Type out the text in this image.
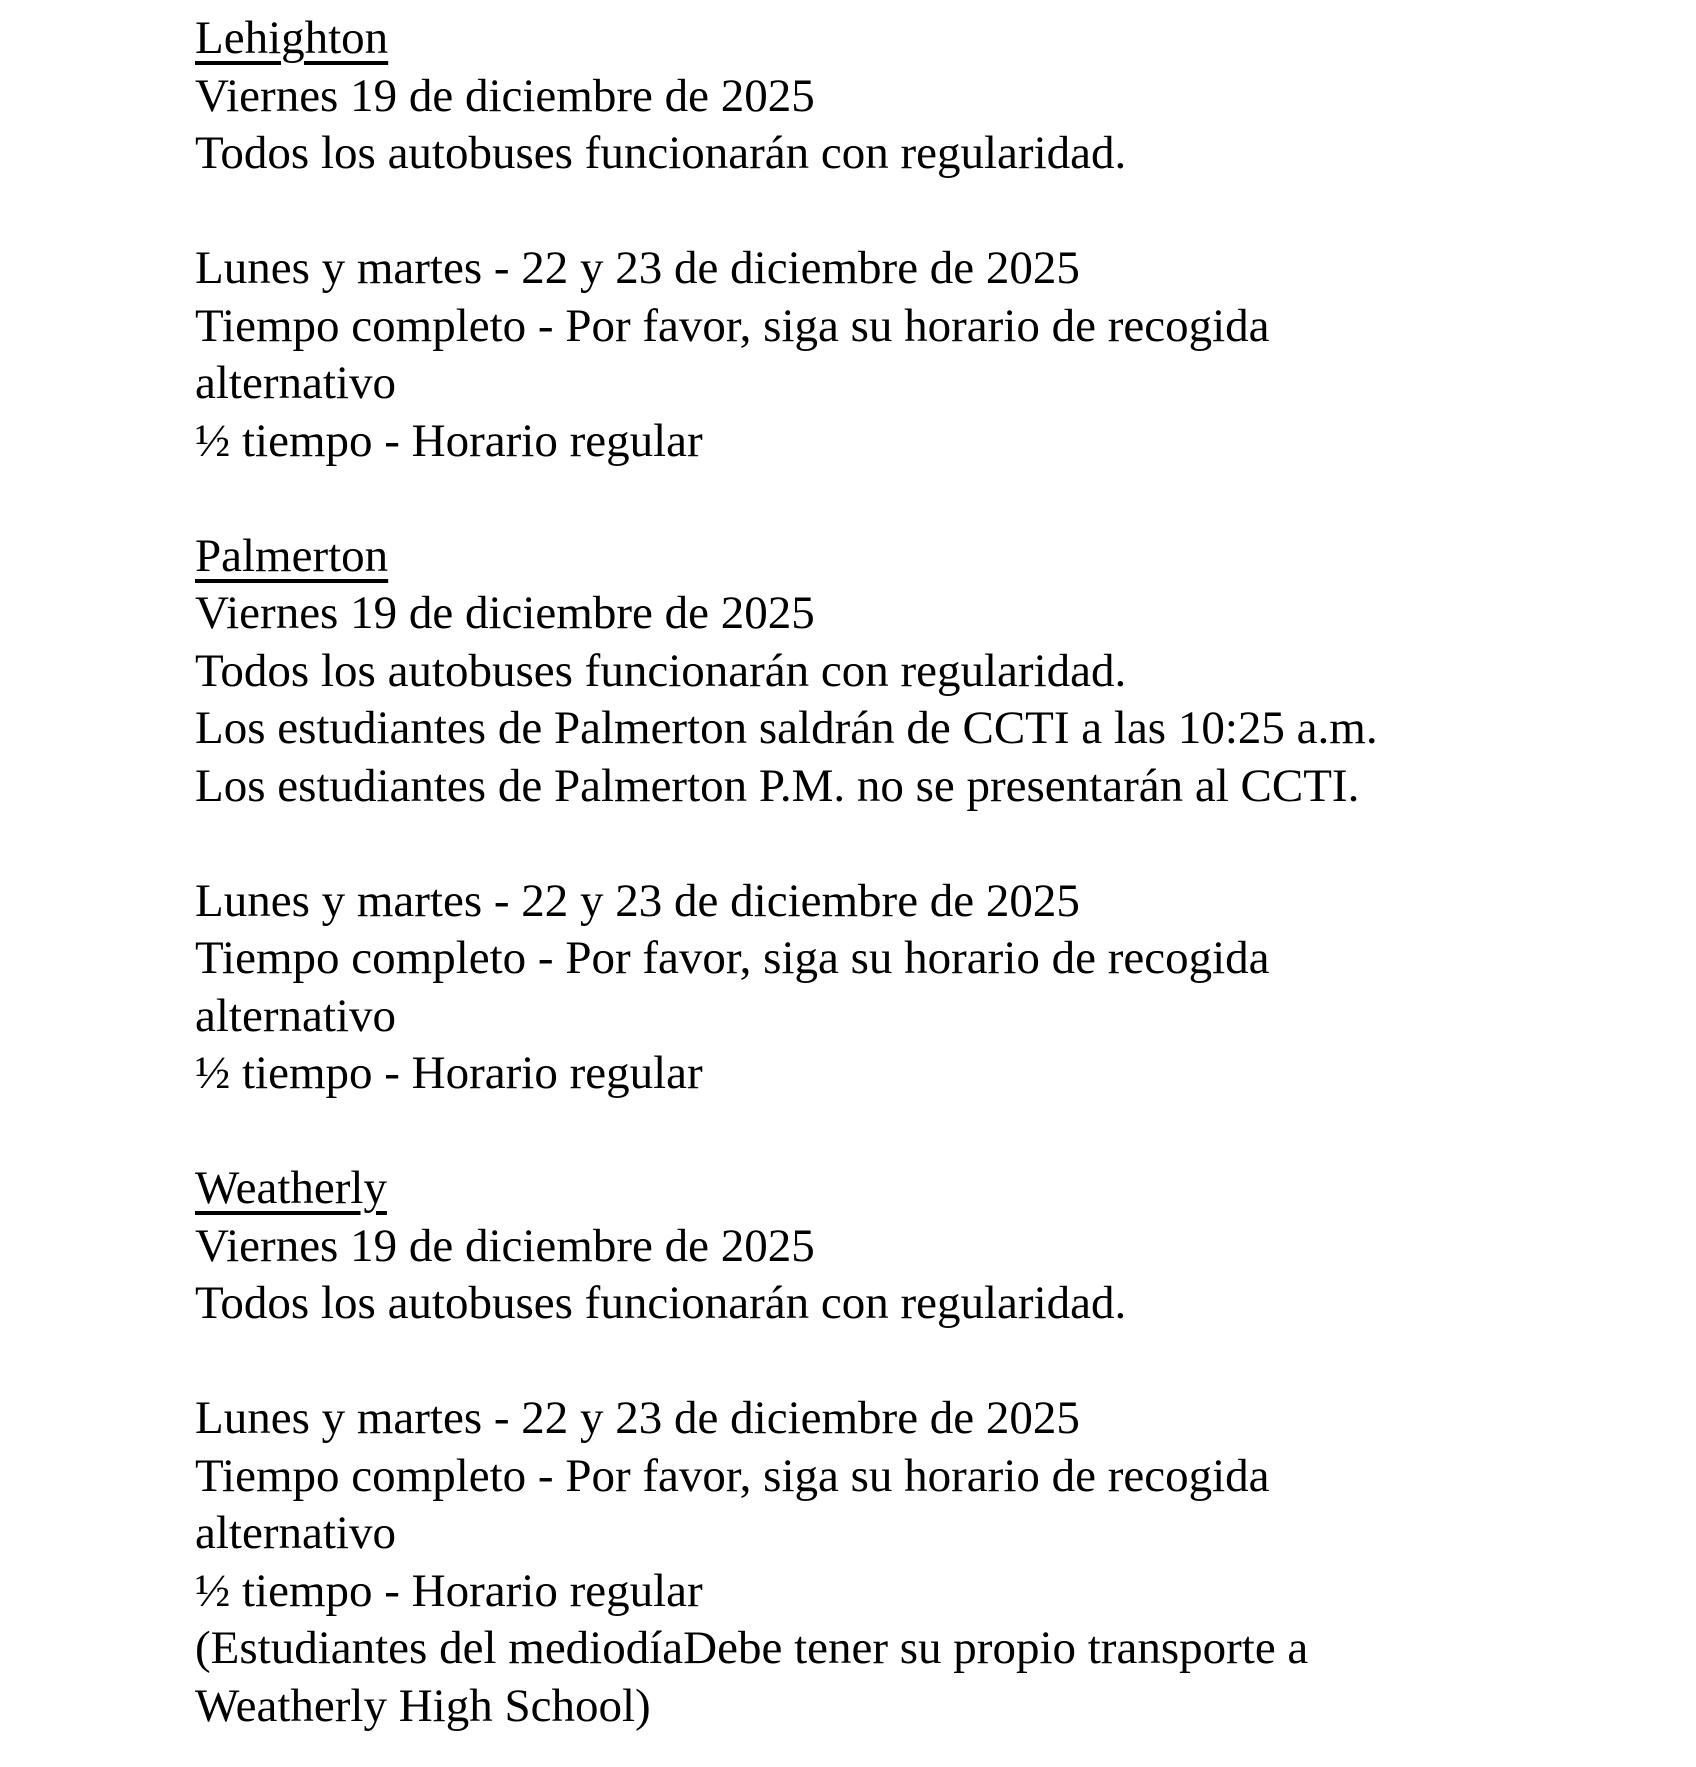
Lehighton

Viernes 19 de diciembre de 2025

Todos los autobuses funcionarán con regularidad.

Lunes y martes - 22 y 23 de diciembre de 2025

Tiempo completo - Por favor, siga su horario de recogida

alternativo

½ tiempo - Horario regular

Palmerton

Viernes 19 de diciembre de 2025

Todos los autobuses funcionarán con regularidad.

Los estudiantes de Palmerton saldrán de CCTI a las 10:25 a.m.

Los estudiantes de Palmerton P.M. no se presentarán al CCTI.

Lunes y martes - 22 y 23 de diciembre de 2025

Tiempo completo - Por favor, siga su horario de recogida

alternativo

½ tiempo - Horario regular

Weatherly

Viernes 19 de diciembre de 2025

Todos los autobuses funcionarán con regularidad.

Lunes y martes - 22 y 23 de diciembre de 2025

Tiempo completo - Por favor, siga su horario de recogida

alternativo

½ tiempo - Horario regular

(Estudiantes del mediodíaDebe tener su propio transporte a

Weatherly High School)
